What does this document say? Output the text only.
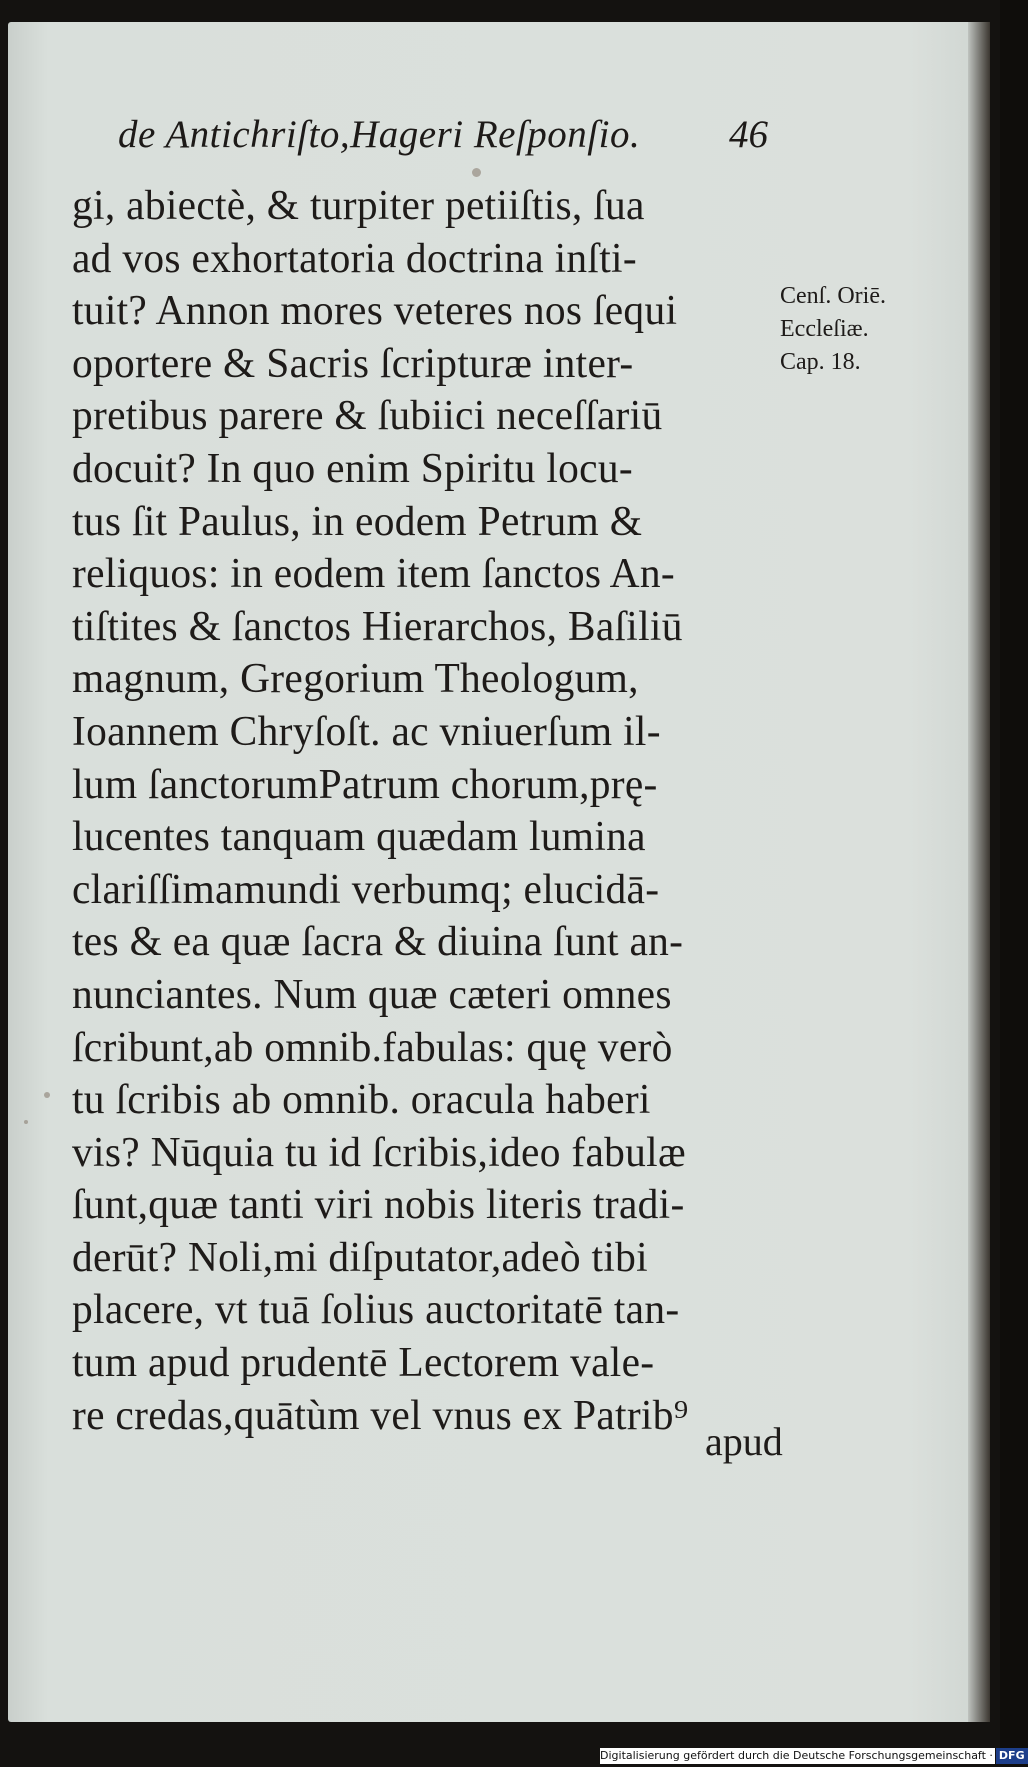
de Antichriſto,Hageri Reſponſio. 46
Cenſ. Oriē.
Eccleſiæ.
Cap. 18.
gi, abiectè, & turpiter petiiſtis, ſua
ad vos exhortatoria doctrina inſti-
tuit? Annon mores veteres nos ſequi
oportere & Sacris ſcripturæ inter-
pretibus parere & ſubiici neceſſariū
docuit? In quo enim Spiritu locu-
tus ſit Paulus, in eodem Petrum &
reliquos: in eodem item ſanctos An-
tiſtites & ſanctos Hierarchos, Baſiliū
magnum, Gregorium Theologum,
Ioannem Chryſoſt. ac vniuerſum il-
lum ſanctorumPatrum chorum,prę-
lucentes tanquam quædam lumina
clariſſimamundi verbumq; elucidā-
tes & ea quæ ſacra & diuina ſunt an-
nunciantes. Num quæ cæteri omnes
ſcribunt,ab omnib.fabulas: quę verò
tu ſcribis ab omnib. oracula haberi
vis? Nūquia tu id ſcribis,ideo fabulæ
ſunt,quæ tanti viri nobis literis tradi-
derūt? Noli,mi diſputator,adeò tibi
placere, vt tuā ſolius auctoritatē tan-
tum apud prudentē Lectorem vale-
re credas,quātùm vel vnus ex Patrib⁹
apud
Digitalisierung gefördert durch die Deutsche Forschungsgemeinschaft · DFG
